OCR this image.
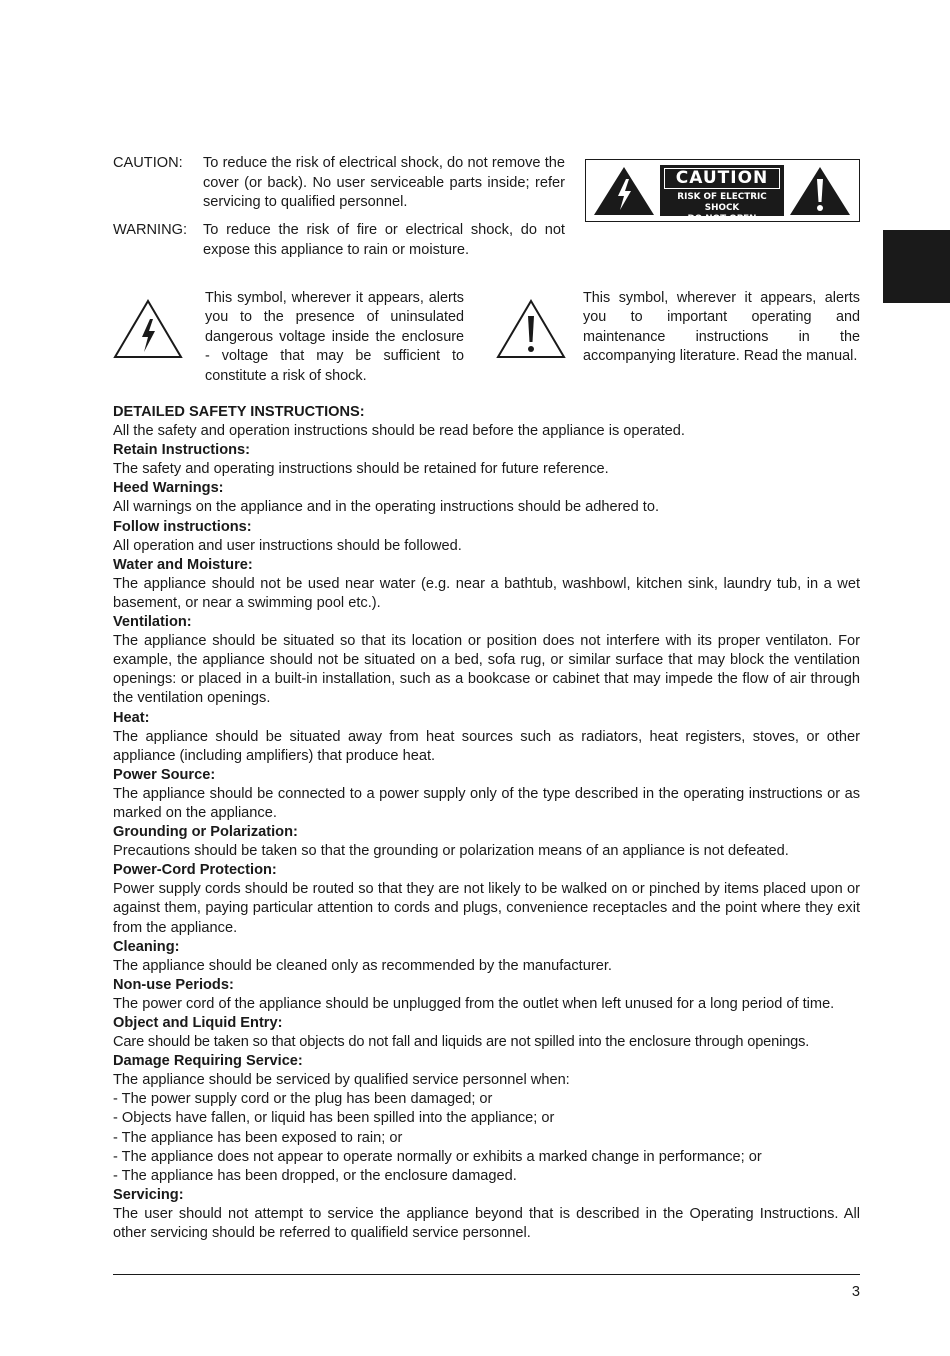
CAUTION: To reduce the risk of electrical shock, do not remove the cover (or back). No user serviceable parts inside; refer servicing to qualified personnel.
WARNING: To reduce the risk of fire or electrical shock, do not expose this appliance to rain or moisture.
CAUTION
RISK OF ELECTRIC SHOCK
DO NOT OPEN
This symbol, wherever it appears, alerts you to the presence of uninsulated dangerous voltage inside the enclosure - voltage that may be sufficient to constitute a risk of shock.
This symbol, wherever it appears, alerts you to important operating and maintenance instructions in the accompanying literature. Read the manual.
DETAILED SAFETY INSTRUCTIONS:
All the safety and operation instructions should be read before the appliance is operated.
Retain Instructions:
The safety and operating instructions should be retained for future reference.
Heed Warnings:
All warnings on the appliance and in the operating instructions should be adhered to.
Follow instructions:
All operation and user instructions should be followed.
Water and Moisture:
The appliance should not be used near water (e.g. near a bathtub, washbowl, kitchen sink, laundry tub, in a wet basement, or near a swimming pool etc.).
Ventilation:
The appliance should be situated so that its location or position does not interfere with its proper ventilaton. For example, the appliance should not be situated on a bed, sofa rug, or similar surface that may block the ventilation openings: or placed in a built-in installation, such as a bookcase or cabinet that may impede the flow of air through the ventilation openings.
Heat:
The appliance should be situated away from heat sources such as radiators, heat registers, stoves, or other appliance (including amplifiers) that produce heat.
Power Source:
The appliance should be connected to a power supply only of the type described in the operating instructions or as marked on the appliance.
Grounding or Polarization:
Precautions should be taken so that the grounding or polarization means of an appliance is not defeated.
Power-Cord Protection:
Power supply cords should be routed so that they are not likely to be walked on or pinched by items placed upon or against them, paying particular attention to cords and plugs, convenience receptacles and the point where they exit from the appliance.
Cleaning:
The appliance should be cleaned only as recommended by the manufacturer.
Non-use Periods:
The power cord of the appliance should be unplugged from the outlet when left unused for a long period of time.
Object and Liquid Entry:
Care should be taken so that objects do not fall and liquids are not spilled into the enclosure through openings.
Damage Requiring Service:
The appliance should be serviced by qualified service personnel when:
- The power supply cord or the plug has been damaged; or
- Objects have fallen, or liquid has been spilled into the appliance; or
- The appliance has been exposed to rain; or
- The appliance does not appear to operate normally or exhibits a marked change in performance; or
- The appliance has been dropped, or the enclosure damaged.
Servicing:
The user should not attempt to service the appliance beyond that is described in the Operating Instructions. All other servicing should be referred to qualifield service personnel.
3
